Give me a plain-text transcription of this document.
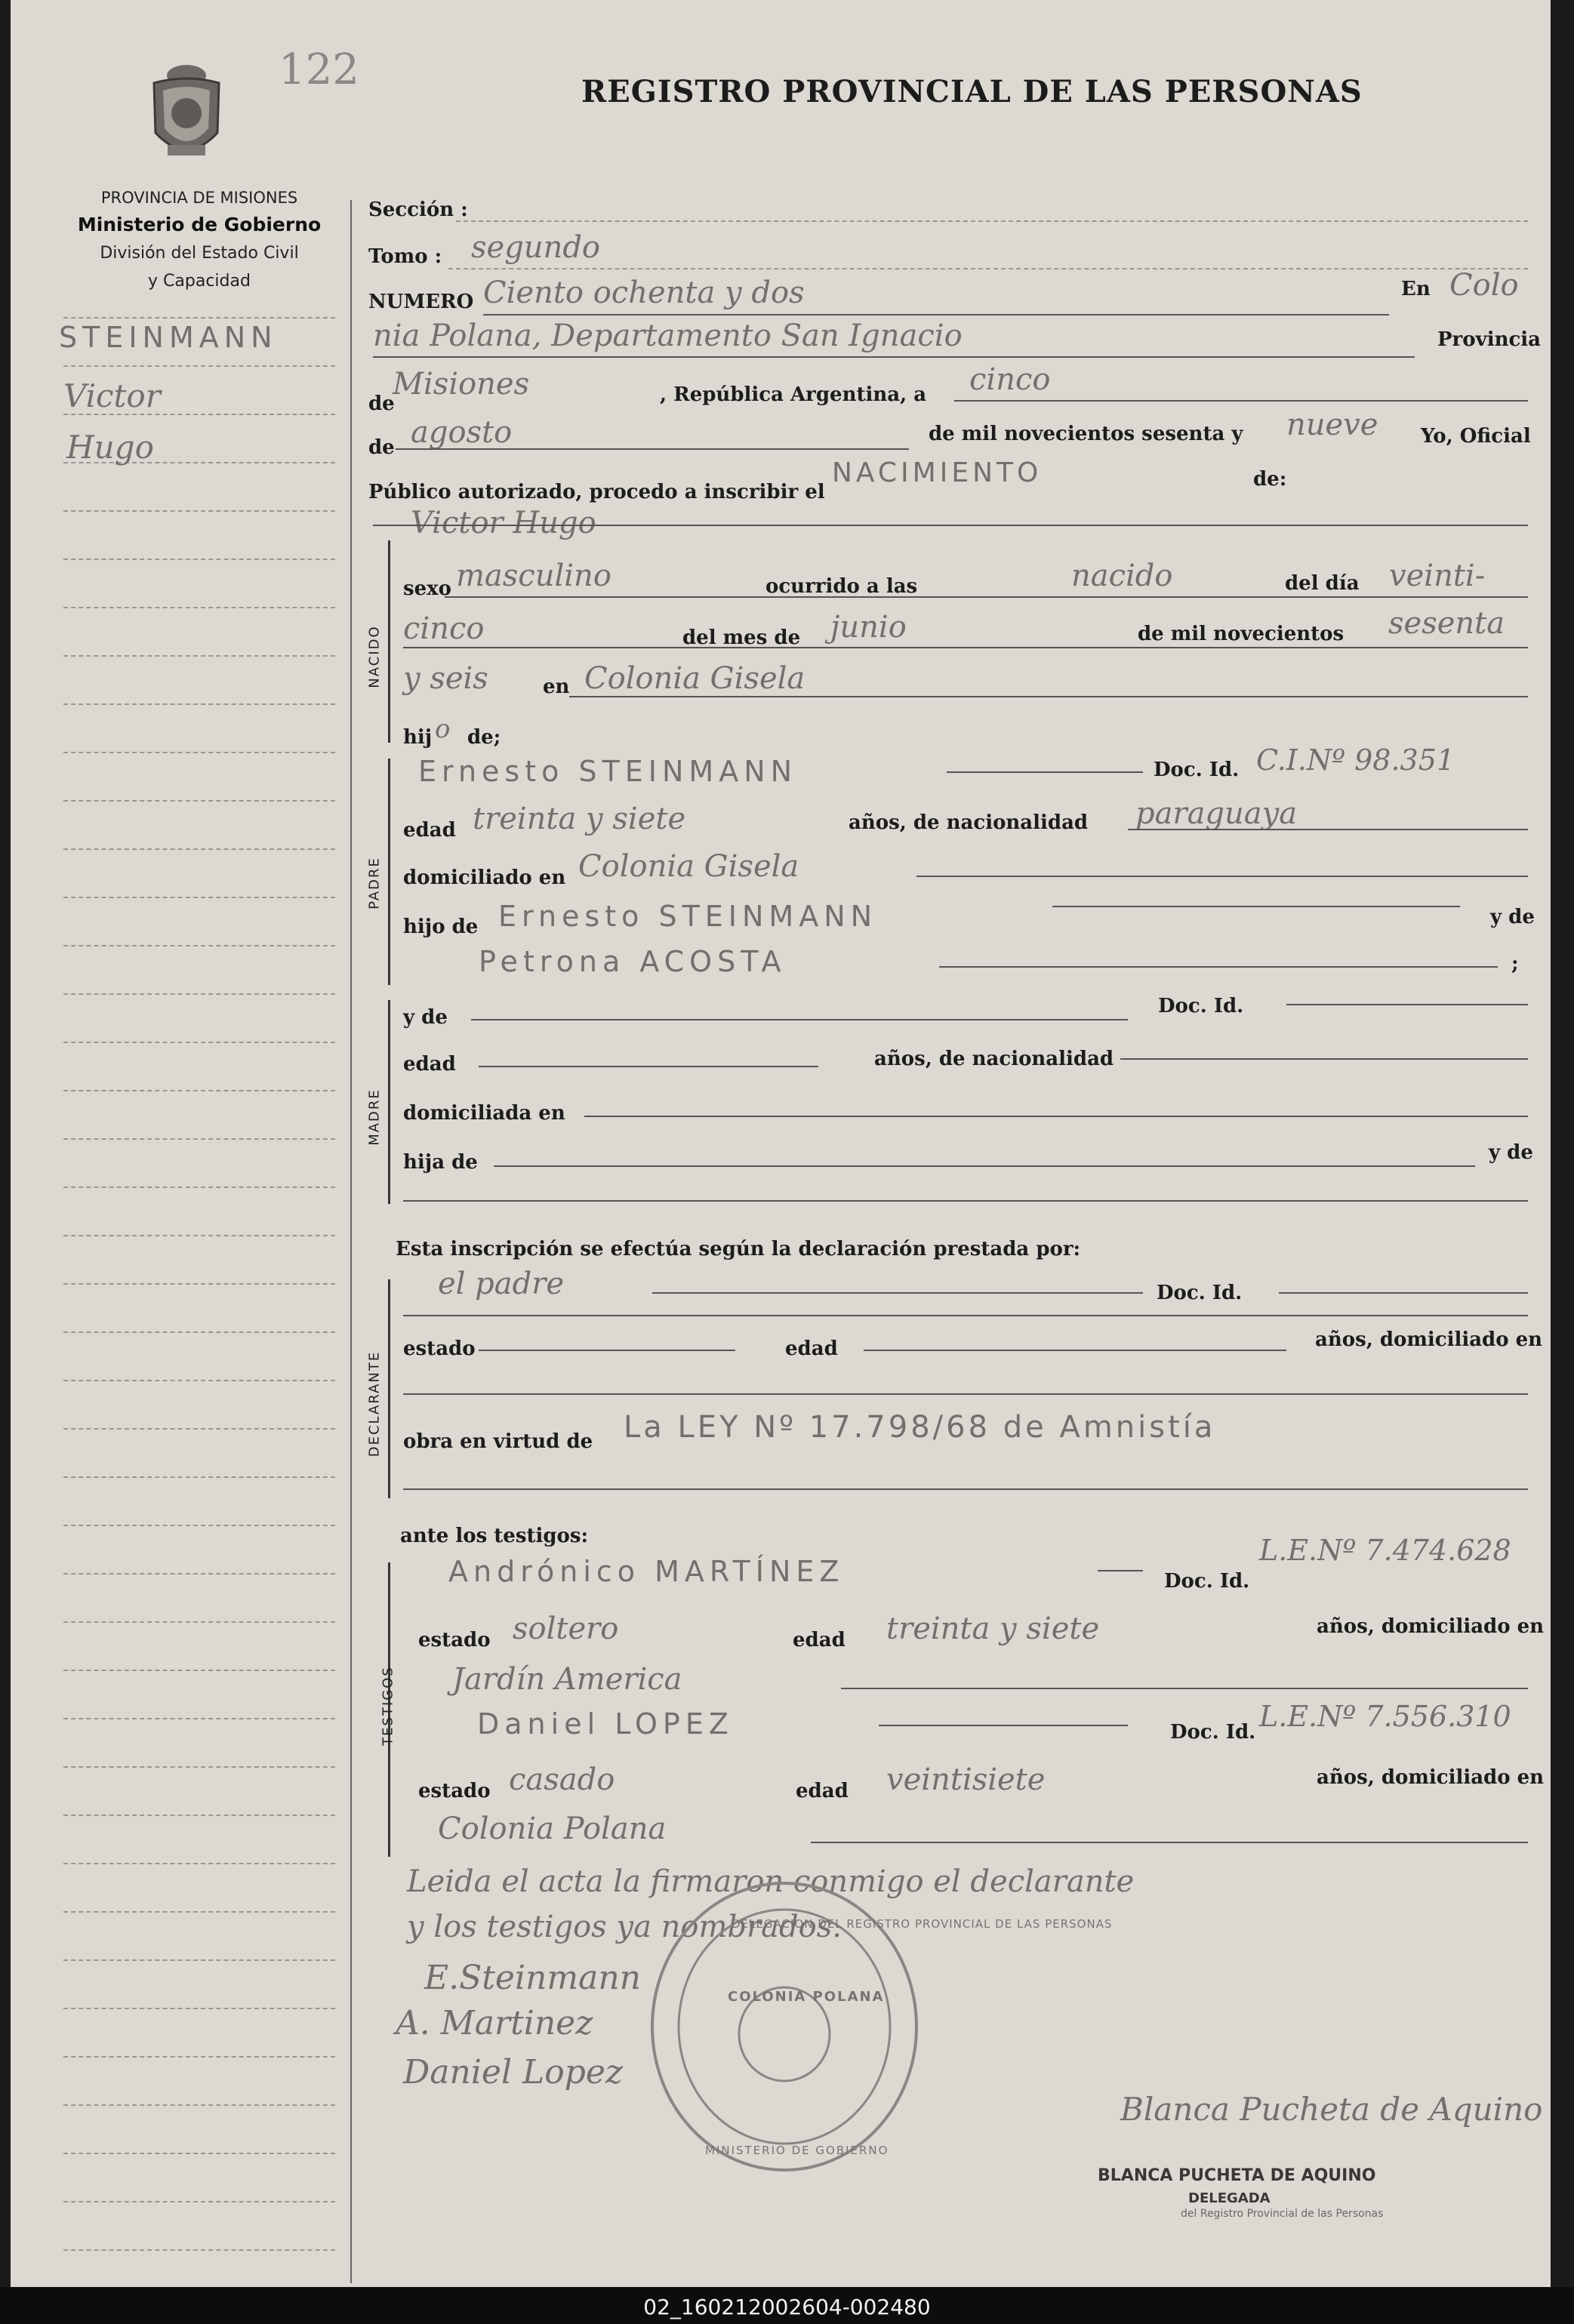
122	REGISTRO PROVINCIAL DE LAS PERSONAS
PROVINCIA DE MISIONES
Ministerio de Gobierno
División del Estado Civil
y Capacidad
STEINMANN
Victor
Hugo
Sección :
Tomo : segundo
NUMERO Ciento ochenta y dos	En Colo
nia Polana, Departamento San Ignacio	Provincia
de
Misiones	, República Argentina, a cinco
de agosto	de mil novecientos sesenta y nueve Yo, Oficial
Público autorizado, procedo a inscribir el
NACIMIENTO	de:
Victor Hugo
NACIDO
sexo masculino	ocurrido a las	nacido	del día veinti-
cinco	del mes de junio	de mil novecientos sesenta
y seis	en Colonia Gisela
hij o de;
PADRE
Ernesto STEINMANN	Doc. Id. C.I.Nº 98.351
edad treinta y siete	años, de nacionalidad paraguaya
domiciliado en Colonia Gisela
hijo de Ernesto STEINMANN	y de
Petrona ACOSTA	;
MADRE
y de	Doc. Id.
edad	años, de nacionalidad
domiciliada en
hija de	y de
Esta inscripción se efectúa según la declaración prestada por:
DECLARANTE
el padre	Doc. Id.
estado	edad	años, domiciliado en
obra en virtud de La LEY Nº 17.798/68 de Amnistía
ante los testigos:
TESTIGOS
Andrónico MARTÍNEZ	Doc. Id.
L.E.Nº 7.474.628
estado soltero	edad treinta y siete	años, domiciliado en
Jardín America
Daniel LOPEZ	Doc. Id. L.E.Nº 7.556.310
estado casado	edad veintisiete	años, domiciliado en
Colonia Polana
Leida el acta la firmaron conmigo el declarante
y los testigos ya nombrados.
E.Steinmann
A. Martinez
Daniel Lopez
Blanca Pucheta de Aquino
DELEGACION DEL REGISTRO PROVINCIAL DE LAS PERSONAS
COLONIA POLANA
MINISTERIO DE GOBIERNO
BLANCA PUCHETA DE AQUINO
DELEGADA
del Registro Provincial de las Personas
02_160212002604-002480
